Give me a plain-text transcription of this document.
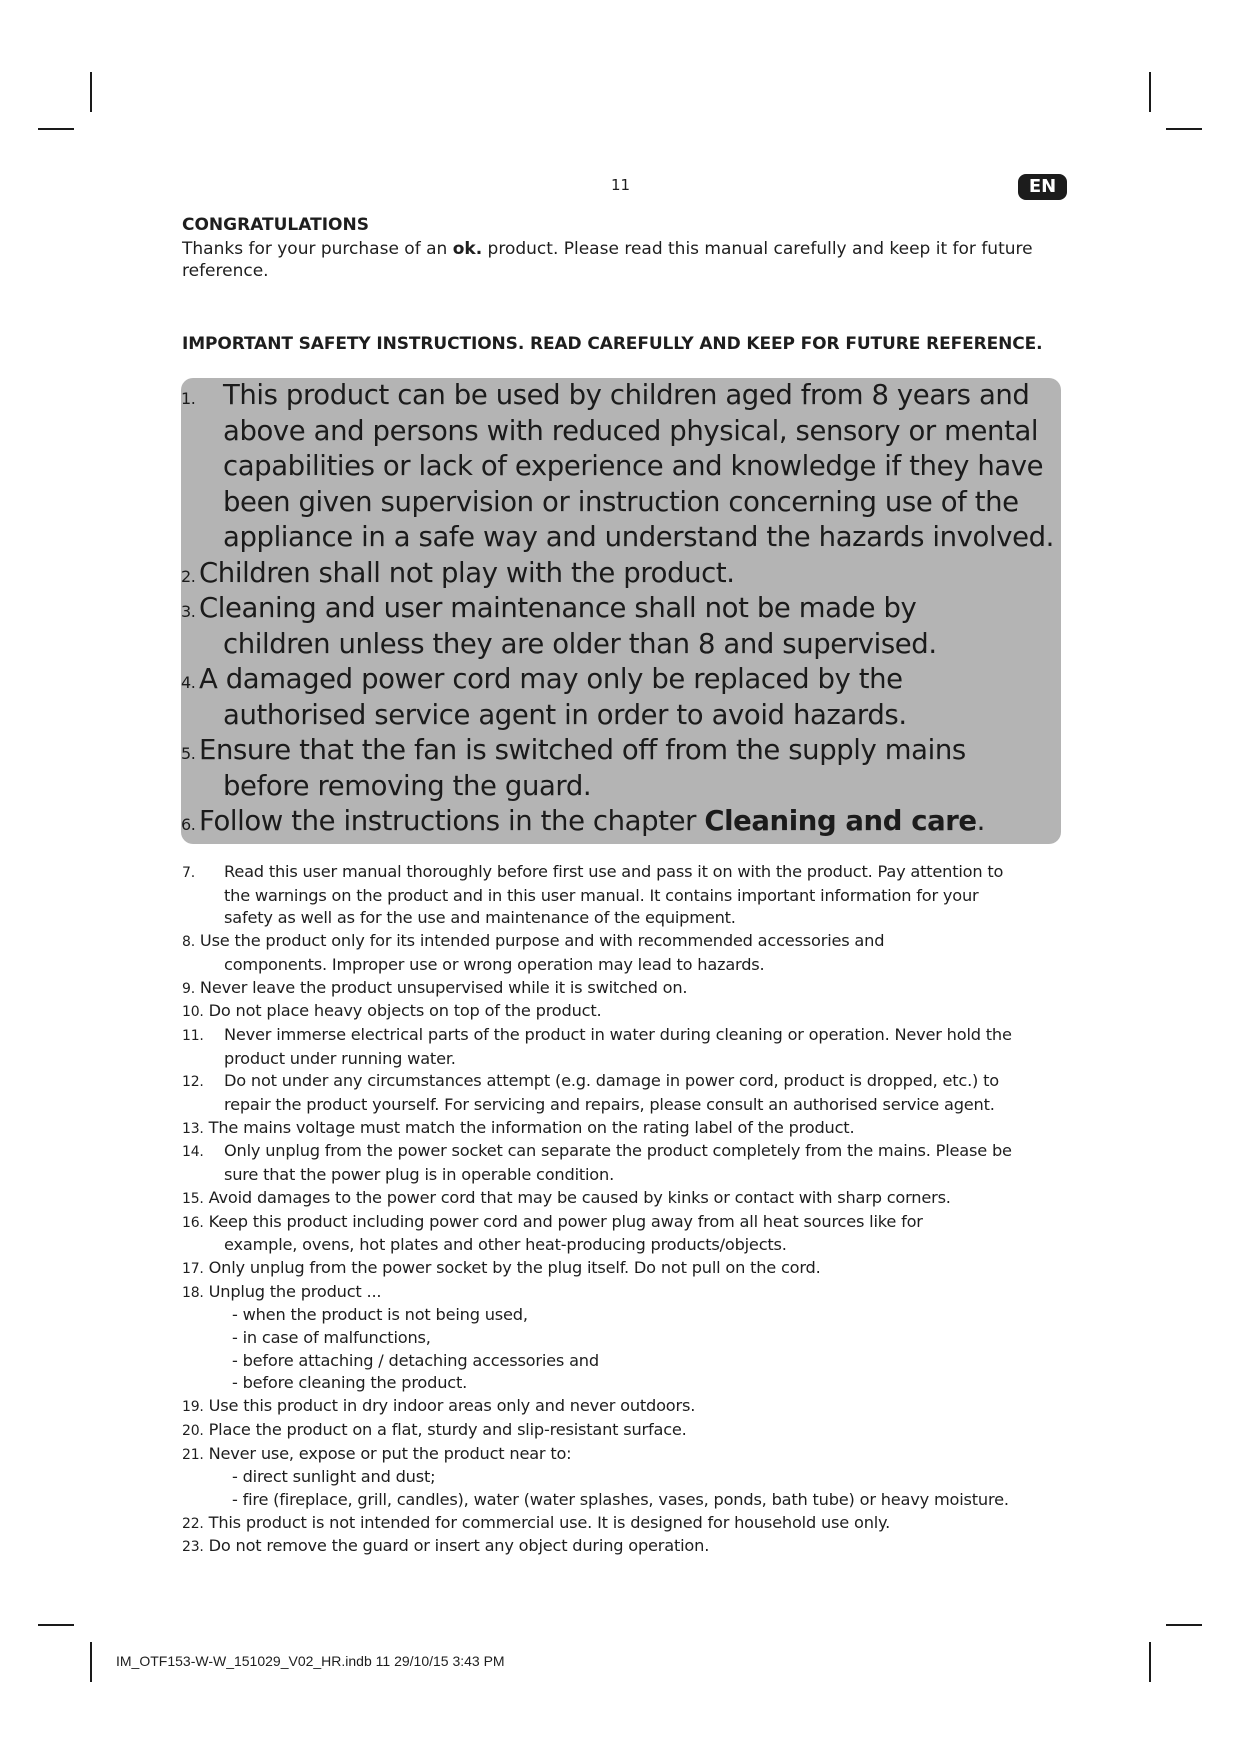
11	EN
CONGRATULATIONS
Thanks for your purchase of an ok. product. Please read this manual carefully and keep it for future
reference.
IMPORTANT SAFETY INSTRUCTIONS. READ CAREFULLY AND KEEP FOR FUTURE REFERENCE.
1. This product can be used by children aged from 8 years and
above and persons with reduced physical, sensory or mental
capabilities or lack of experience and knowledge if they have
been given supervision or instruction concerning use of the
appliance in a safe way and understand the hazards involved.
2. Children shall not play with the product.
3. Cleaning and user maintenance shall not be made by
children unless they are older than 8 and supervised.
4. A damaged power cord may only be replaced by the
authorised service agent in order to avoid hazards.
5. Ensure that the fan is switched off from the supply mains
before removing the guard.
6. Follow the instructions in the chapter Cleaning and care.
7. Read this user manual thoroughly before first use and pass it on with the product. Pay attention to
the warnings on the product and in this user manual. It contains important information for your
safety as well as for the use and maintenance of the equipment.
8. Use the product only for its intended purpose and with recommended accessories and
components. Improper use or wrong operation may lead to hazards.
9. Never leave the product unsupervised while it is switched on.
10. Do not place heavy objects on top of the product.
11. Never immerse electrical parts of the product in water during cleaning or operation. Never hold the
product under running water.
12. Do not under any circumstances attempt (e.g. damage in power cord, product is dropped, etc.) to
repair the product yourself. For servicing and repairs, please consult an authorised service agent.
13. The mains voltage must match the information on the rating label of the product.
14. Only unplug from the power socket can separate the product completely from the mains. Please be
sure that the power plug is in operable condition.
15. Avoid damages to the power cord that may be caused by kinks or contact with sharp corners.
16. Keep this product including power cord and power plug away from all heat sources like for
example, ovens, hot plates and other heat-producing products/objects.
17. Only unplug from the power socket by the plug itself. Do not pull on the cord.
18. Unplug the product ...
- when the product is not being used,
- in case of malfunctions,
- before attaching / detaching accessories and
- before cleaning the product.
19. Use this product in dry indoor areas only and never outdoors.
20. Place the product on a flat, sturdy and slip-resistant surface.
21. Never use, expose or put the product near to:
- direct sunlight and dust;
- fire (fireplace, grill, candles), water (water splashes, vases, ponds, bath tube) or heavy moisture.
22. This product is not intended for commercial use. It is designed for household use only.
23. Do not remove the guard or insert any object during operation.
IM_OTF153-W-W_151029_V02_HR.indb 11 29/10/15 3:43 PM
